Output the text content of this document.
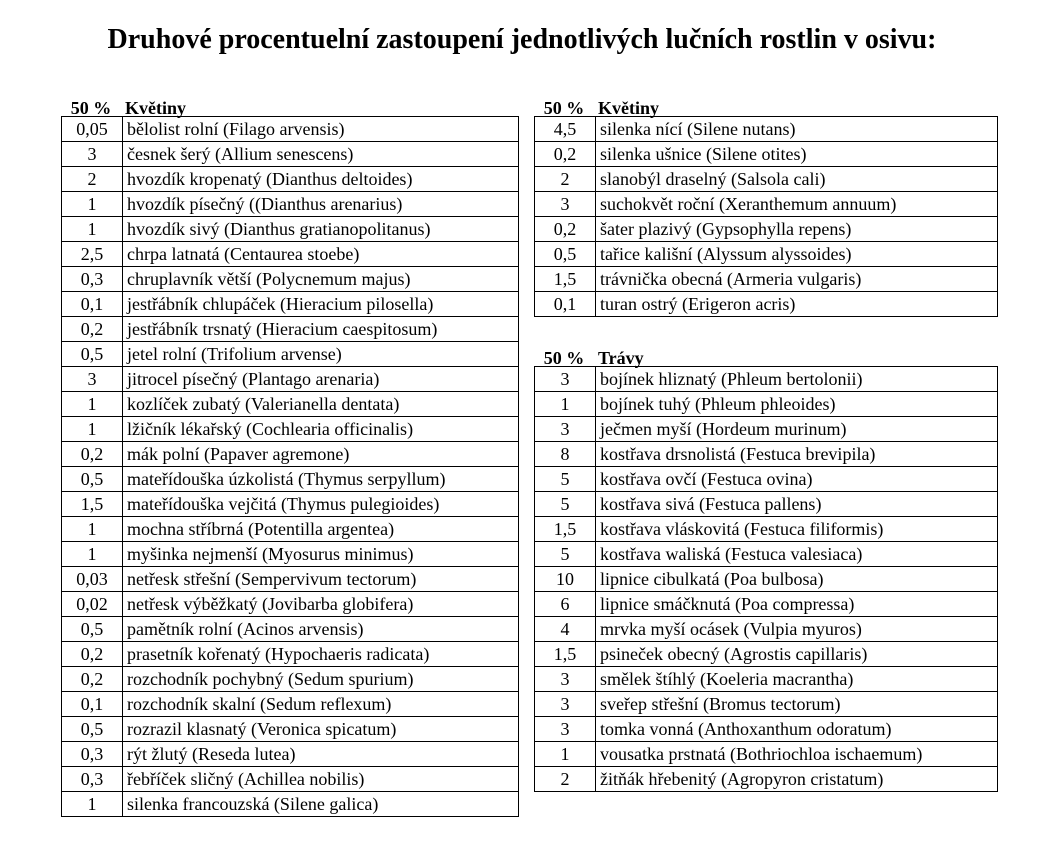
Druhové procentuelní zastoupení jednotlivých lučních rostlin v osivu:
50 % Květiny
0,05	bělolist rolní (Filago arvensis)
3	česnek šerý (Allium senescens)
2	hvozdík kropenatý (Dianthus deltoides)
1	hvozdík písečný ((Dianthus arenarius)
1	hvozdík sivý (Dianthus gratianopolitanus)
2,5	chrpa latnatá (Centaurea stoebe)
0,3	chruplavník větší (Polycnemum majus)
0,1	jestřábník chlupáček (Hieracium pilosella)
0,2	jestřábník trsnatý (Hieracium caespitosum)
0,5	jetel rolní (Trifolium arvense)
3	jitrocel písečný (Plantago arenaria)
1	kozlíček zubatý (Valerianella dentata)
1	lžičník lékařský (Cochlearia officinalis)
0,2	mák polní (Papaver agremone)
0,5	mateřídouška úzkolistá (Thymus serpyllum)
1,5	mateřídouška vejčitá (Thymus pulegioides)
1	mochna stříbrná (Potentilla argentea)
1	myšinka nejmenší (Myosurus minimus)
0,03	netřesk střešní (Sempervivum tectorum)
0,02	netřesk výběžkatý (Jovibarba globifera)
0,5	pamětník rolní (Acinos arvensis)
0,2	prasetník kořenatý (Hypochaeris radicata)
0,2	rozchodník pochybný (Sedum spurium)
0,1	rozchodník skalní (Sedum reflexum)
0,5	rozrazil klasnatý (Veronica spicatum)
0,3	rýt žlutý (Reseda lutea)
0,3	řebříček sličný (Achillea nobilis)
1	silenka francouzská (Silene galica)
50 % Květiny
4,5	silenka nící (Silene nutans)
0,2	silenka ušnice (Silene otites)
2	slanobýl draselný (Salsola cali)
3	suchokvět roční (Xeranthemum annuum)
0,2	šater plazivý (Gypsophylla repens)
0,5	tařice kališní (Alyssum alyssoides)
1,5	trávnička obecná (Armeria vulgaris)
0,1	turan ostrý (Erigeron acris)
50 % Trávy
3	bojínek hliznatý (Phleum bertolonii)
1	bojínek tuhý (Phleum phleoides)
3	ječmen myší (Hordeum murinum)
8	kostřava drsnolistá (Festuca brevipila)
5	kostřava ovčí (Festuca ovina)
5	kostřava sivá (Festuca pallens)
1,5	kostřava vláskovitá (Festuca filiformis)
5	kostřava waliská (Festuca valesiaca)
10	lipnice cibulkatá (Poa bulbosa)
6	lipnice smáčknutá (Poa compressa)
4	mrvka myší ocásek (Vulpia myuros)
1,5	psineček obecný (Agrostis capillaris)
3	smělek štíhlý (Koeleria macrantha)
3	sveřep střešní (Bromus tectorum)
3	tomka vonná (Anthoxanthum odoratum)
1	vousatka prstnatá (Bothriochloa ischaemum)
2	žitňák hřebenitý (Agropyron cristatum)
